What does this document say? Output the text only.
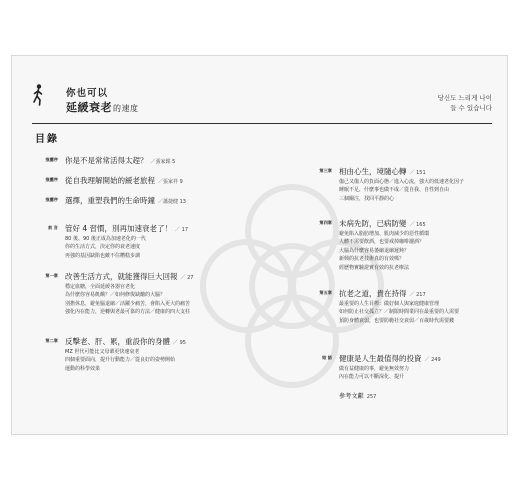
你也可以
延緩衰老的速度
당신도 느리게 나이
들 수 있습니다
目錄
推薦序 你是不是常常活得太趕？ ／張家銘 5
推薦序 從自我理解開始的緩老旅程 ／張家祥 9
推薦序 選擇，重塑我們的生命時鐘 ／蕭捷健 13
前 言 管好 4 習慣，別再加速衰老了！ ／ 17
80 後、90 後正成為加速老化的一代
你的生活方式，決定你的衰老速度
再強的基因缺陷也敵不住糟糕步調
第一章 改善生活方式，就能獲得巨大回報 ／ 27
穩定血糖，全面延緩各器官老化
為什麼你容易飢餓？／如何修復缺醣的大腦？
別擔休息，避免腦退縮／活躍少痛苦，會陷入更大的痛苦
強化內在能力，逆轉與老最可靠的方法／健康的四大支柱
第二章 反擊老、肝、累，重設你的身體 ／ 95
MZ 世代可能比父母輩更快速衰老
四個重要面向，提升行動能力／從良好的姿勢開始
運動的科學效果
第三章 相由心生，境隨心轉 ／ 151
傷己又傷人的負面心態／進入心流，強大的低速老化因子
睡眠不足，什麼事也做不成／從自我、自性到自由
三個關注，找回平靜的心
第四章 未病先防，已病防變 ／ 165
避免陷入脂肪增加、肌肉減少的惡性循環
人體不需要飲酒，也要戒掉咖啡濾酒？
大腦為什麼容易萎縮退縮遲鈍？
新興的抗老技術真的有效嗎？
經歷物實驗證實有效的抗老療法
第五章 抗老之道，貴在持得 ／ 217
最重要的人生目標：做好個人與家庭健康管理
如何防止社交孤立？／制限時間業同在最重要的人需要
預防身體衰弱，也要防範社交衰弱／百歲時代需要錢
結 語 健康是人生最值得的投資 ／ 249
做有益健康的事，避免無效努力
內在能力可以不斷深化、提升
參考文獻 257
